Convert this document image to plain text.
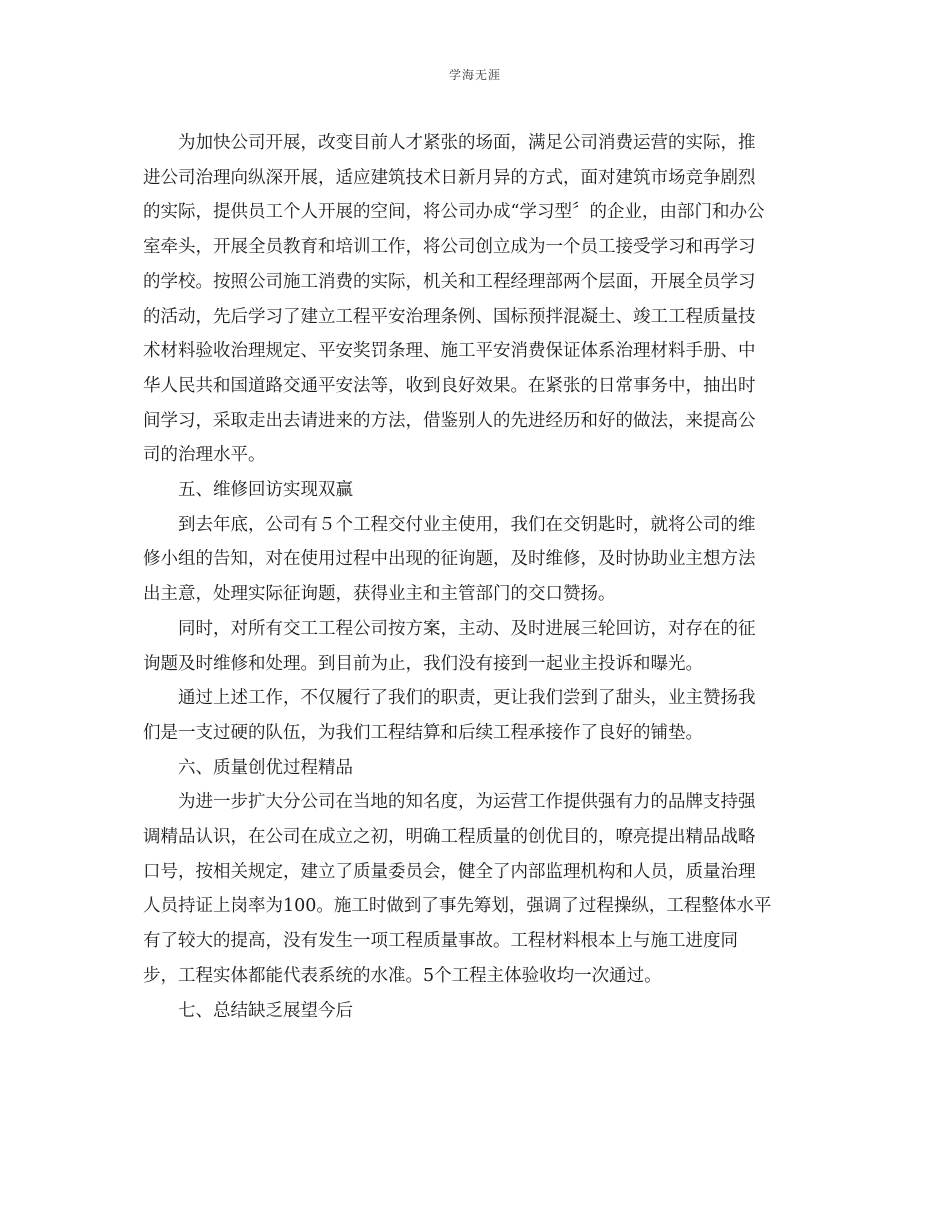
学海无涯

为加快公司开展，改变目前人才紧张的场面，满足公司消费运营的实际，推
进公司治理向纵深开展，适应建筑技术日新月异的方式，面对建筑市场竞争剧烈
的实际，提供员工个人开展的空间，将公司办成“学习型〞的企业，由部门和办公
室牵头，开展全员教育和培训工作，将公司创立成为一个员工接受学习和再学习
的学校。按照公司施工消费的实际，机关和工程经理部两个层面，开展全员学习
的活动，先后学习了建立工程平安治理条例、国标预拌混凝土、竣工工程质量技
术材料验收治理规定、平安奖罚条理、施工平安消费保证体系治理材料手册、中
华人民共和国道路交通平安法等，收到良好效果。在紧张的日常事务中，抽出时
间学习，采取走出去请进来的方法，借鉴别人的先进经历和好的做法，来提高公
司的治理水平。

五、维修回访实现双赢

到去年底，公司有５个工程交付业主使用，我们在交钥匙时，就将公司的维
修小组的告知，对在使用过程中出现的征询题，及时维修，及时协助业主想方法
出主意，处理实际征询题，获得业主和主管部门的交口赞扬。

同时，对所有交工工程公司按方案，主动、及时进展三轮回访，对存在的征
询题及时维修和处理。到目前为止，我们没有接到一起业主投诉和曝光。

通过上述工作，不仅履行了我们的职责，更让我们尝到了甜头，业主赞扬我
们是一支过硬的队伍，为我们工程结算和后续工程承接作了良好的铺垫。

六、质量创优过程精品

为进一步扩大分公司在当地的知名度，为运营工作提供强有力的品牌支持强
调精品认识，在公司在成立之初，明确工程质量的创优目的，嘹亮提出精品战略
口号，按相关规定，建立了质量委员会，健全了内部监理机构和人员，质量治理
人员持证上岗率为100。施工时做到了事先筹划，强调了过程操纵，工程整体水平
有了较大的提高，没有发生一项工程质量事故。工程材料根本上与施工进度同
步，工程实体都能代表系统的水准。5个工程主体验收均一次通过。

七、总结缺乏展望今后
